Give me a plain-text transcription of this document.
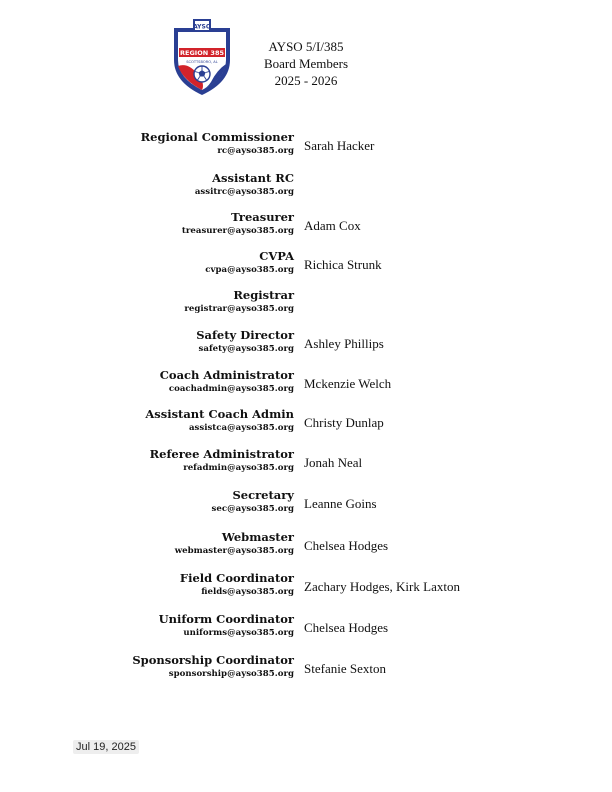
AYSO
REGION 385
SCOTTSBORO, AL
AYSO 5/I/385
Board Members
2025 - 2026
Regional Commissioner
rc@ayso385.org Sarah Hacker
Assistant RC
assitrc@ayso385.org
Treasurer
treasurer@ayso385.org Adam Cox
CVPA
cvpa@ayso385.org Richica Strunk
Registrar
registrar@ayso385.org
Safety Director
safety@ayso385.org Ashley Phillips
Coach Administrator
coachadmin@ayso385.org Mckenzie Welch
Assistant Coach Admin
assistca@ayso385.org Christy Dunlap
Referee Administrator
refadmin@ayso385.org Jonah Neal
Secretary
sec@ayso385.org Leanne Goins
Webmaster
webmaster@ayso385.org Chelsea Hodges
Field Coordinator
fields@ayso385.org Zachary Hodges, Kirk Laxton
Uniform Coordinator
uniforms@ayso385.org Chelsea Hodges
Sponsorship Coordinator
sponsorship@ayso385.org Stefanie Sexton
Jul 19, 2025
